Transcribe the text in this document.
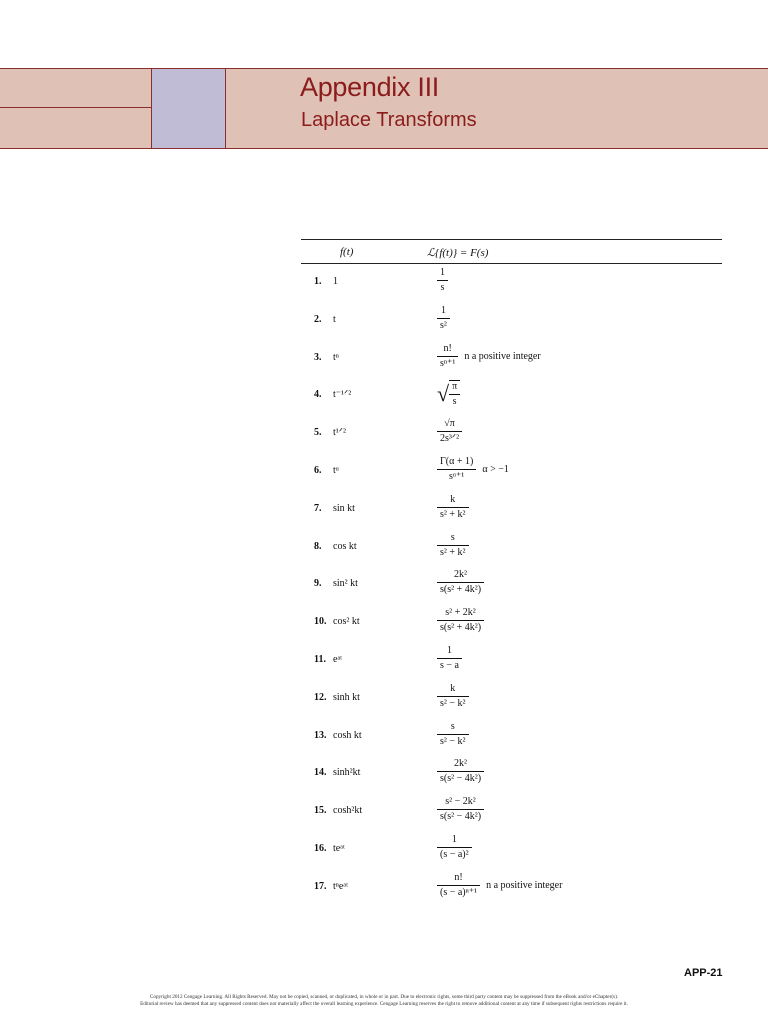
Appendix III
Laplace Transforms
f(t)	ℒ{f(t)} = F(s)
1. 1	$\frac{1}{s}$
2. t	$\frac{1}{\text{s²}}$
3. tⁿ	$\frac{n!}{\text{sⁿ⁺¹}}$ n a positive integer
4. t⁻¹ᐟ²	√ $\frac{\pi}{s}$
5. t¹ᐟ²	$\frac{√\pi}{\text{2s³ᐟ²}}$
6. tᵅ	$\frac{\Gamma(\alpha + 1)}{\text{sᵅ⁺¹}}$ α > −1
7. sin kt	$\frac{k}{\text{s² + k²}}$
8. cos kt	$\frac{s}{\text{s² + k²}}$
9. sin² kt	$\frac{\text{2k²}}{\text{s(s² + 4k²)}}$
10. cos² kt	$\frac{\text{s² + 2k²}}{\text{s(s² + 4k²)}}$
11. eᵃᵗ	$\frac{1}{s - a}$
12. sinh kt	$\frac{k}{\text{s² − k²}}$
13. cosh kt	$\frac{s}{\text{s² − k²}}$
14. sinh²kt	$\frac{\text{2k²}}{\text{s(s² − 4k²)}}$
15. cosh²kt	$\frac{\text{s² − 2k²}}{\text{s(s² − 4k²)}}$
16. teᵃᵗ	$\frac{1}{\text{(s − a)²}}$
17. tⁿeᵃᵗ	$\frac{n!}{\text{(s − a)ⁿ⁺¹}}$ n a positive integer
APP-21
Copyright 2012 Cengage Learning. All Rights Reserved. May not be copied, scanned, or duplicated, in whole or in part. Due to electronic rights, some third party content may be suppressed from the eBook and/or eChapter(s).
Editorial review has deemed that any suppressed content does not materially affect the overall learning experience. Cengage Learning reserves the right to remove additional content at any time if subsequent rights restrictions require it.
